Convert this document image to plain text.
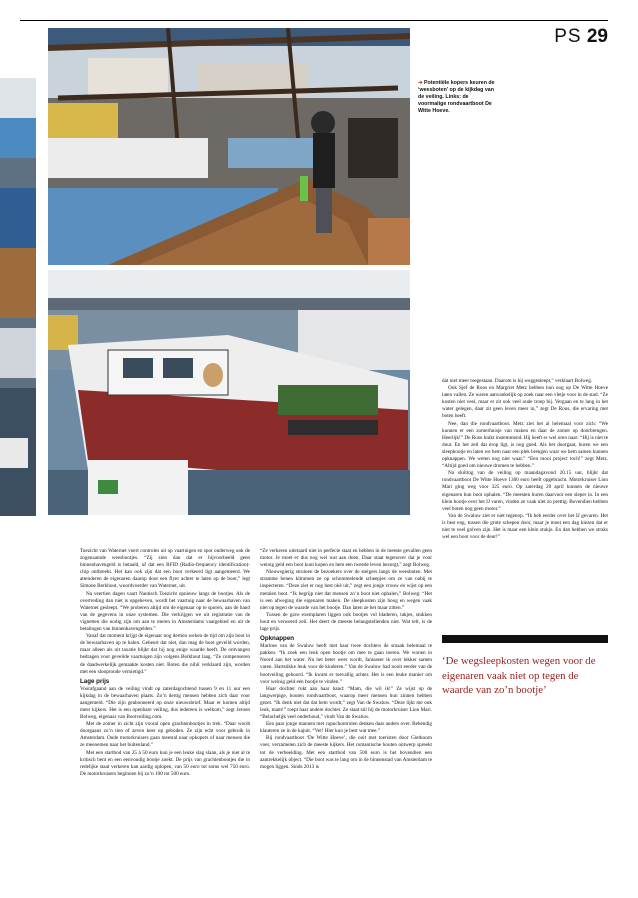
PS 29
➔ Potentiële kopers keuren de ‘weesboten’ op de kijkdag van de veiling. Links: de voormalige rondvaartboot De Witte Hoeve.

Toezicht van Waternet voert controles uit op vaartuigen en spot onderweg ook de zogenaamde weesbootjes. “Zij zien dan dat er bijvoorbeeld geen binnenhavengeld is betaald, of dat een RFID (Radio-frequency identification)-chip ontbreekt. Het kan ook zijn dat een boot verkeerd ligt aangemeerd. We attenderen de eigenaren daarop door een flyer achter te laten op de boot,” legt Simone Berkhout, woordvoerder van Waternet, uit.

Na veertien dagen vaart Nautisch Toezicht opnieuw langs de bootjes. Als de overtreding dan niet is opgeheven, wordt het vaartuig naar de bewaarhaven van Waternet gesleept. “We proberen altijd om de eigenaar op te sporen, aan de hand van de gegevens in onze systemen. Die verkrijgen we uit registratie van de vignetten die nodig zijn om aan te meren in Amsterdams vaargebied en uit de betalingen van binnenhavengelden.”

Vanaf dat moment krijgt de eigenaar nog dertien weken de tijd om zijn boot in de bewaarhaven op te halen. Gebeurt dat niet, dan mag de boot geveild worden, maar alleen als uit taxatie blijkt dat hij nog enige waarde heeft. De ontvangen bedragen voor geveilde vaartuigen zijn volgens Berkhout laag. “Ze compenseren de daadwerkelijk gemaakte kosten niet. Boten die nihil verklaard zijn, worden met een sloopronde vernietigd.”

Lage prijs

Voorafgaand aan de veiling vindt op zaterdagochtend tussen 9 en 11 uur een kijkdag in de bewaarhaven plaats. Zo’n dertig mensen hebben zich daar voor aangemeld. “Die zijn geabonneerd op onze nieuwsbrief. Maar er komen altijd meer kijkers. Het is een openbare veiling, dus iedereen is welkom,” zegt Jeroen Bolweg, eigenaar van Bootveiling.com.

Met de zomer in zicht zijn vooral open grachtenbootjes in trek. “Daar wordt doorgaans zo’n tien of zeven keer op geboden. Ze zijn echt voor gebruik in Amsterdam. Oude motorkruisers gaan meestal naar opkopers of naar mensen die ze meenemen naar het buitenland.”

Met een startbod van 25 à 50 euro kun je een leuke slag slaan, als je niet al te kritisch bent en een eenvoudig bootje zoekt. De prijs van grachtenbootjes die in redelijke staat verkeren kan aardig oplopen, van 50 euro tot soms wel 750 euro. De motorkruisers beginnen bij zo’n 100 tot 500 euro.

“Ze verkeren uiteraard niet in perfecte staat en hebben in de meeste gevallen geen motor. Je moet er dus nog wel wat aan doen. Daar staat tegenover dat je voor weinig geld een boot kunt kopen en hem een tweede leven bezorgt,” zegt Bolweg.

Nieuwsgierig struinen de bezoekers over de steigers langs de weesboten. Met stramme benen klimmen ze op schommelende scheepjes om ze van nabij te inspecteren. “Deze ziet er nog best okè uit,” zegt een jonge vrouw en wijst op een metalen boot. “Ik begrijp niet dat mensen zo’n boot niet ophalen,” Bolweg: “Het is een afweging die eigenaren maken. De sleepkosten zijn hoog en wegen vaak niet op tegen de waarde van het bootje. Dan laten ze het maar zitten.”

Tussen de gave exemplaren liggen ook bootjes vol bladeren, takjes, stukken hout en verweerd zeil. Het deert de meeste belangstellenden niet. Wat telt, is de lage prijs.

Opknappen

Marloes van de Swaluw heeft met haar twee dochters de smaak helemaal te pakken. “Ik zoek een leuk open bootje om mee te gaan toeren. We wonen in Noord aan het water. Nu het beter weer wordt, fantaseer ik over lekker samen varen. Hartstikke leuk voor de kinderen.” Van de Swaluw had nooit eerder van de bootveiling gehoord. “Ik kwam er toevallig achter. Het is een leuke manier om voor weinig geld een bootje te vinden.”

Haar dochter rukt aan haar hand: “Mam, die wil ik!” Ze wijst op de langwerpige, houten rondvaartboot, waarop meer mensen hun zinnen hebben gezet. “Ik denk niet dat dat hem wordt,” zegt Van de Swaluw. “Deze lijkt me ook leuk, mam!” roept haar andere dochter. Ze staat stil bij de motorkruiser Lion Mari. “Belachelijk veel onderhoud,” vindt Van de Swaluw.

Een paar jonge mannen met capuchontruien denken daar anders over. Behendig klauteren ze in de kajuit. “Vet! Hier kun je best wat mee.”

Bij rondvaartboot ‘De Witte Hoeve’, die ooit met toeristen door Giethoorn voer, verzamelen zich de meeste kijkers. Het romantische houten ontwerp spreekt tot de verbeelding. Met een startbod van 500 euro is het bovendien een aantrekkelijk object. “Die boot was te lang om in de binnenstad van Amsterdam te mogen liggen. Sinds 2013 is

dat niet meer toegestaan. Daarom is hij weggesleept,” verklaart Bolweg.

Ook Sjef de Roos en Margriet Metz hebben hun oog op De Witte Hoeve laten vallen. Ze waren aanvankelijk op zoek naar een vletje voor in de stad. “Ze kosten niet veel, maar er zit ook veel oude troep bij. Vergaan en te lang in het water gelegen, daar zit geen leven meer in,” zegt De Roos, die ervaring met boten heeft.

Nee, dan die rondvaartboot. Metz ziet het al helemaal voor zich: “We kunnen er een zomerhuisje van maken en daar de zomer op doorbrengen. Heerlijk!” De Roos knikt instemmend. Hij heeft er wel oren naar: “Hij is niet te duur. En het zeil dat erop ligt, is nog goed. Als het doorgaat, huren we een sleepbootje en laten we hem naar een plek brengen waar we hem samen kunnen opknappen. We weten nog niet waar.” “Een mooi project toch!” zegt Metz. “Altijd goed om nieuwe dromen te hebben.”

Na sluiting van de veiling op maandagavond 20.15 uur, blijkt dat rondvaartboot De Witte Hoeve 1300 euro heeft opgebracht. Motorkruiser Lion Mari ging weg voor 325 euro. Op zaterdag 20 april kunnen de nieuwe eigenaren hun boot ophalen. “De meesten huren daarvoor een sleper in. In een klein bootje over het IJ varen, vinden ze vaak niet zo prettig. Bovendien hebben veel boten nog geen motor.”

Van de Swaluw ziet er niet tegenop. “Ik heb eerder over het IJ gevaren. Het is best eng, tussen die grote schepen door, maar je moet een dag kiezen dat er niet te veel golven zijn. Het is maar een klein stukje. En dan hebben we straks wel een boot voor de deur!”

‘De wegsleepkosten wegen voor de eigenaren vaak niet op tegen de waarde van zo’n bootje’
